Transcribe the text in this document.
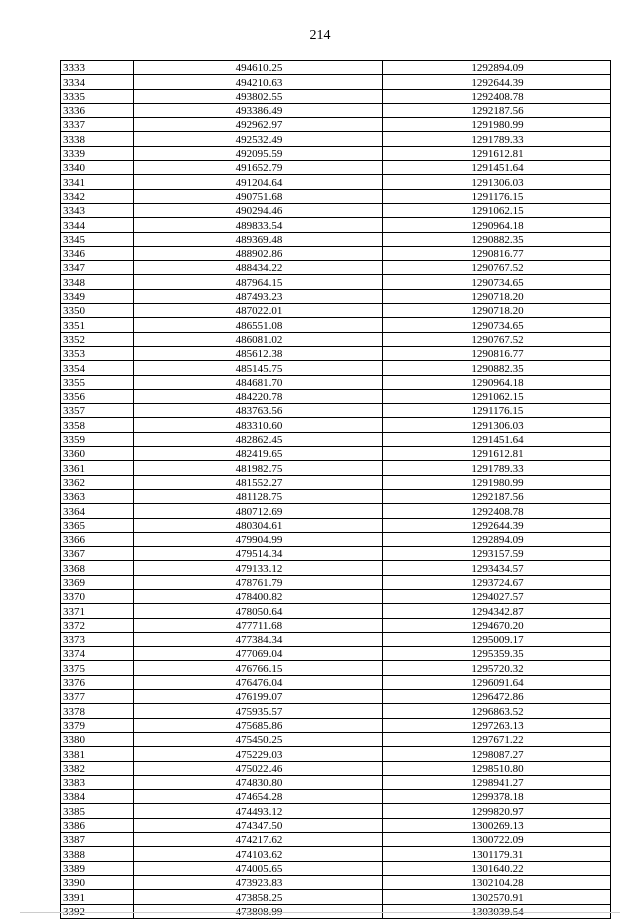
214
3333	494610.25	1292894.09
3334	494210.63	1292644.39
3335	493802.55	1292408.78
3336	493386.49	1292187.56
3337	492962.97	1291980.99
3338	492532.49	1291789.33
3339	492095.59	1291612.81
3340	491652.79	1291451.64
3341	491204.64	1291306.03
3342	490751.68	1291176.15
3343	490294.46	1291062.15
3344	489833.54	1290964.18
3345	489369.48	1290882.35
3346	488902.86	1290816.77
3347	488434.22	1290767.52
3348	487964.15	1290734.65
3349	487493.23	1290718.20
3350	487022.01	1290718.20
3351	486551.08	1290734.65
3352	486081.02	1290767.52
3353	485612.38	1290816.77
3354	485145.75	1290882.35
3355	484681.70	1290964.18
3356	484220.78	1291062.15
3357	483763.56	1291176.15
3358	483310.60	1291306.03
3359	482862.45	1291451.64
3360	482419.65	1291612.81
3361	481982.75	1291789.33
3362	481552.27	1291980.99
3363	481128.75	1292187.56
3364	480712.69	1292408.78
3365	480304.61	1292644.39
3366	479904.99	1292894.09
3367	479514.34	1293157.59
3368	479133.12	1293434.57
3369	478761.79	1293724.67
3370	478400.82	1294027.57
3371	478050.64	1294342.87
3372	477711.68	1294670.20
3373	477384.34	1295009.17
3374	477069.04	1295359.35
3375	476766.15	1295720.32
3376	476476.04	1296091.64
3377	476199.07	1296472.86
3378	475935.57	1296863.52
3379	475685.86	1297263.13
3380	475450.25	1297671.22
3381	475229.03	1298087.27
3382	475022.46	1298510.80
3383	474830.80	1298941.27
3384	474654.28	1299378.18
3385	474493.12	1299820.97
3386	474347.50	1300269.13
3387	474217.62	1300722.09
3388	474103.62	1301179.31
3389	474005.65	1301640.22
3390	473923.83	1302104.28
3391	473858.25	1302570.91
3392	473808.99	1303039.54
